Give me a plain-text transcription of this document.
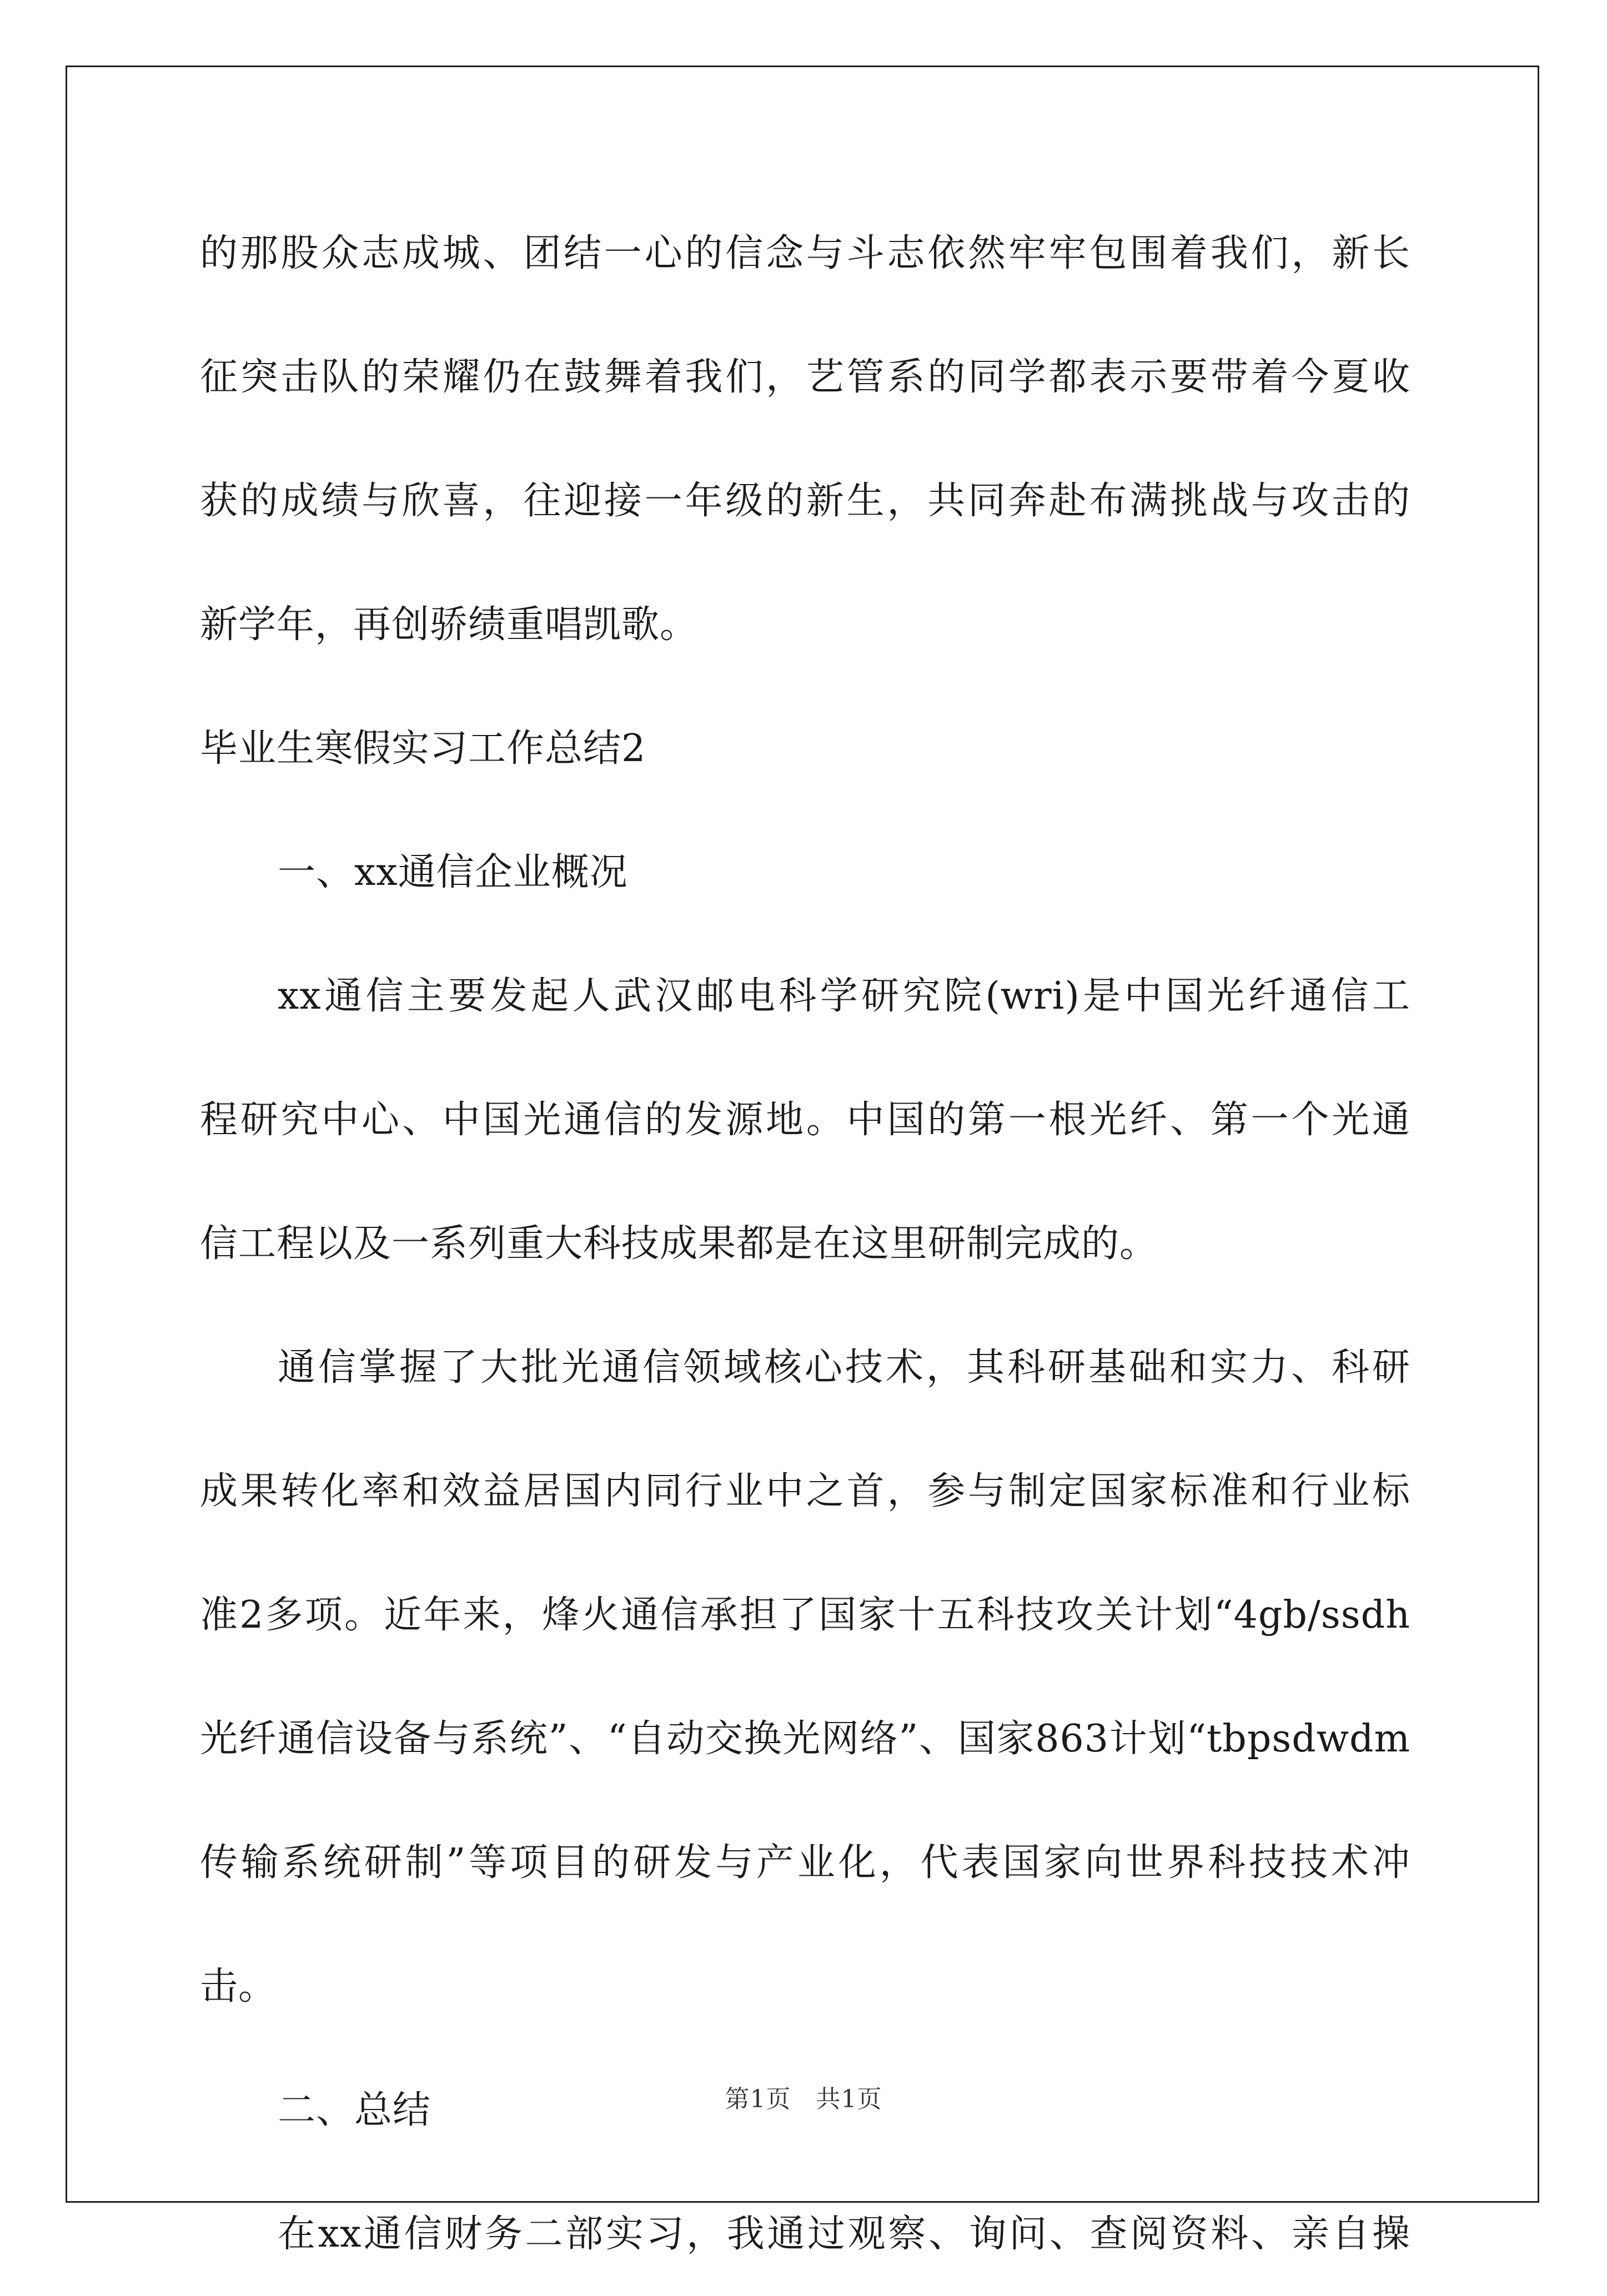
的那股众志成城、团结一心的信念与斗志依然牢牢包围着我们，新长
征突击队的荣耀仍在鼓舞着我们，艺管系的同学都表示要带着今夏收
获的成绩与欣喜，往迎接一年级的新生，共同奔赴布满挑战与攻击的
新学年，再创骄绩重唱凯歌。
毕业生寒假实习工作总结2
一、xx通信企业概况
xx通信主要发起人武汉邮电科学研究院(wri)是中国光纤通信工
程研究中心、中国光通信的发源地。中国的第一根光纤、第一个光通
信工程以及一系列重大科技成果都是在这里研制完成的。
通信掌握了大批光通信领域核心技术，其科研基础和实力、科研
成果转化率和效益居国内同行业中之首，参与制定国家标准和行业标
准2多项。近年来，烽火通信承担了国家十五科技攻关计划“4gb/ssdh
光纤通信设备与系统”、“自动交换光网络”、国家863计划“tbpsdwdm
传输系统研制”等项目的研发与产业化，代表国家向世界科技技术冲
击。
二、总结
在xx通信财务二部实习，我通过观察、询问、查阅资料、亲自操
第1页　共1页
